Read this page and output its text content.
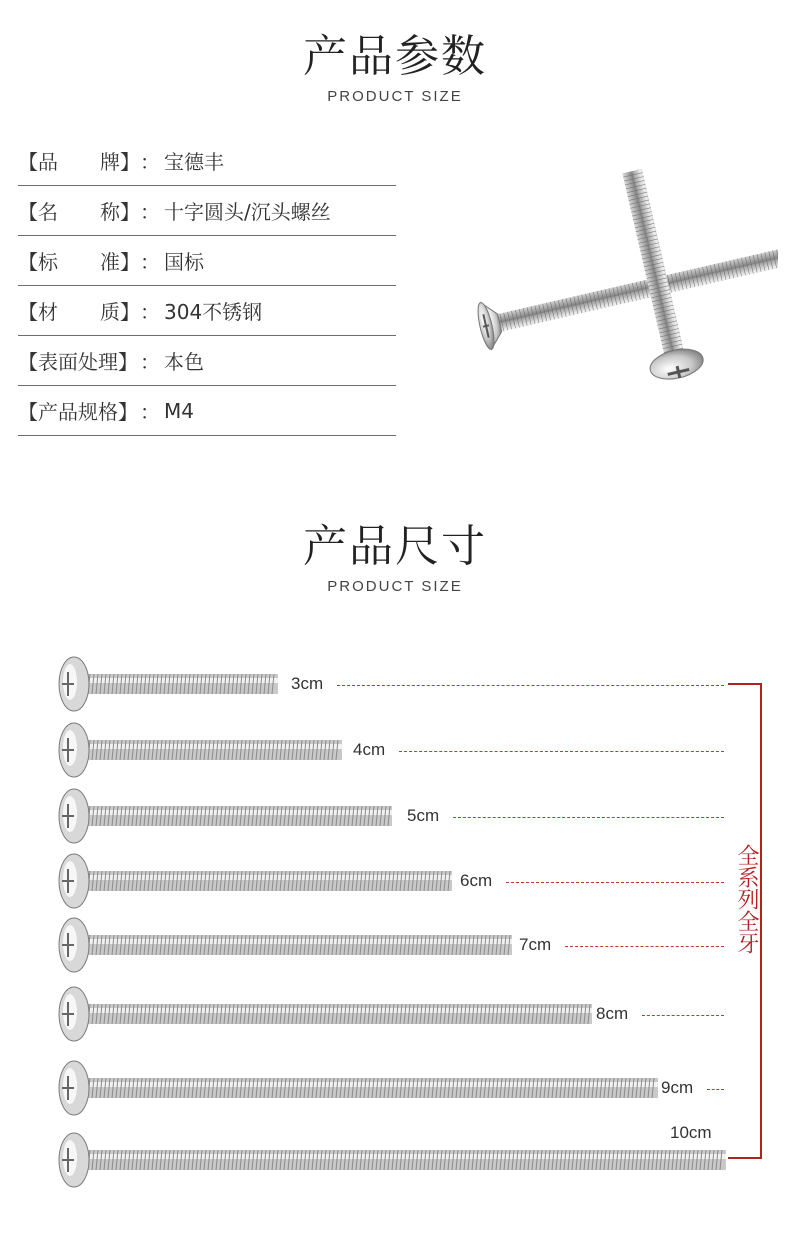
产品参数
PRODUCT SIZE
【品 牌】 ： 宝德丰
【名 称】 ： 十字圆头/沉头螺丝
【标 准】 ： 国标
【材 质】 ： 304不锈钢
【表面处理】 ： 本色
【产品规格】 ： M4
产品尺寸
PRODUCT SIZE
3cm
4cm
5cm
6cm
7cm
8cm
9cm
10cm
全系列全牙
